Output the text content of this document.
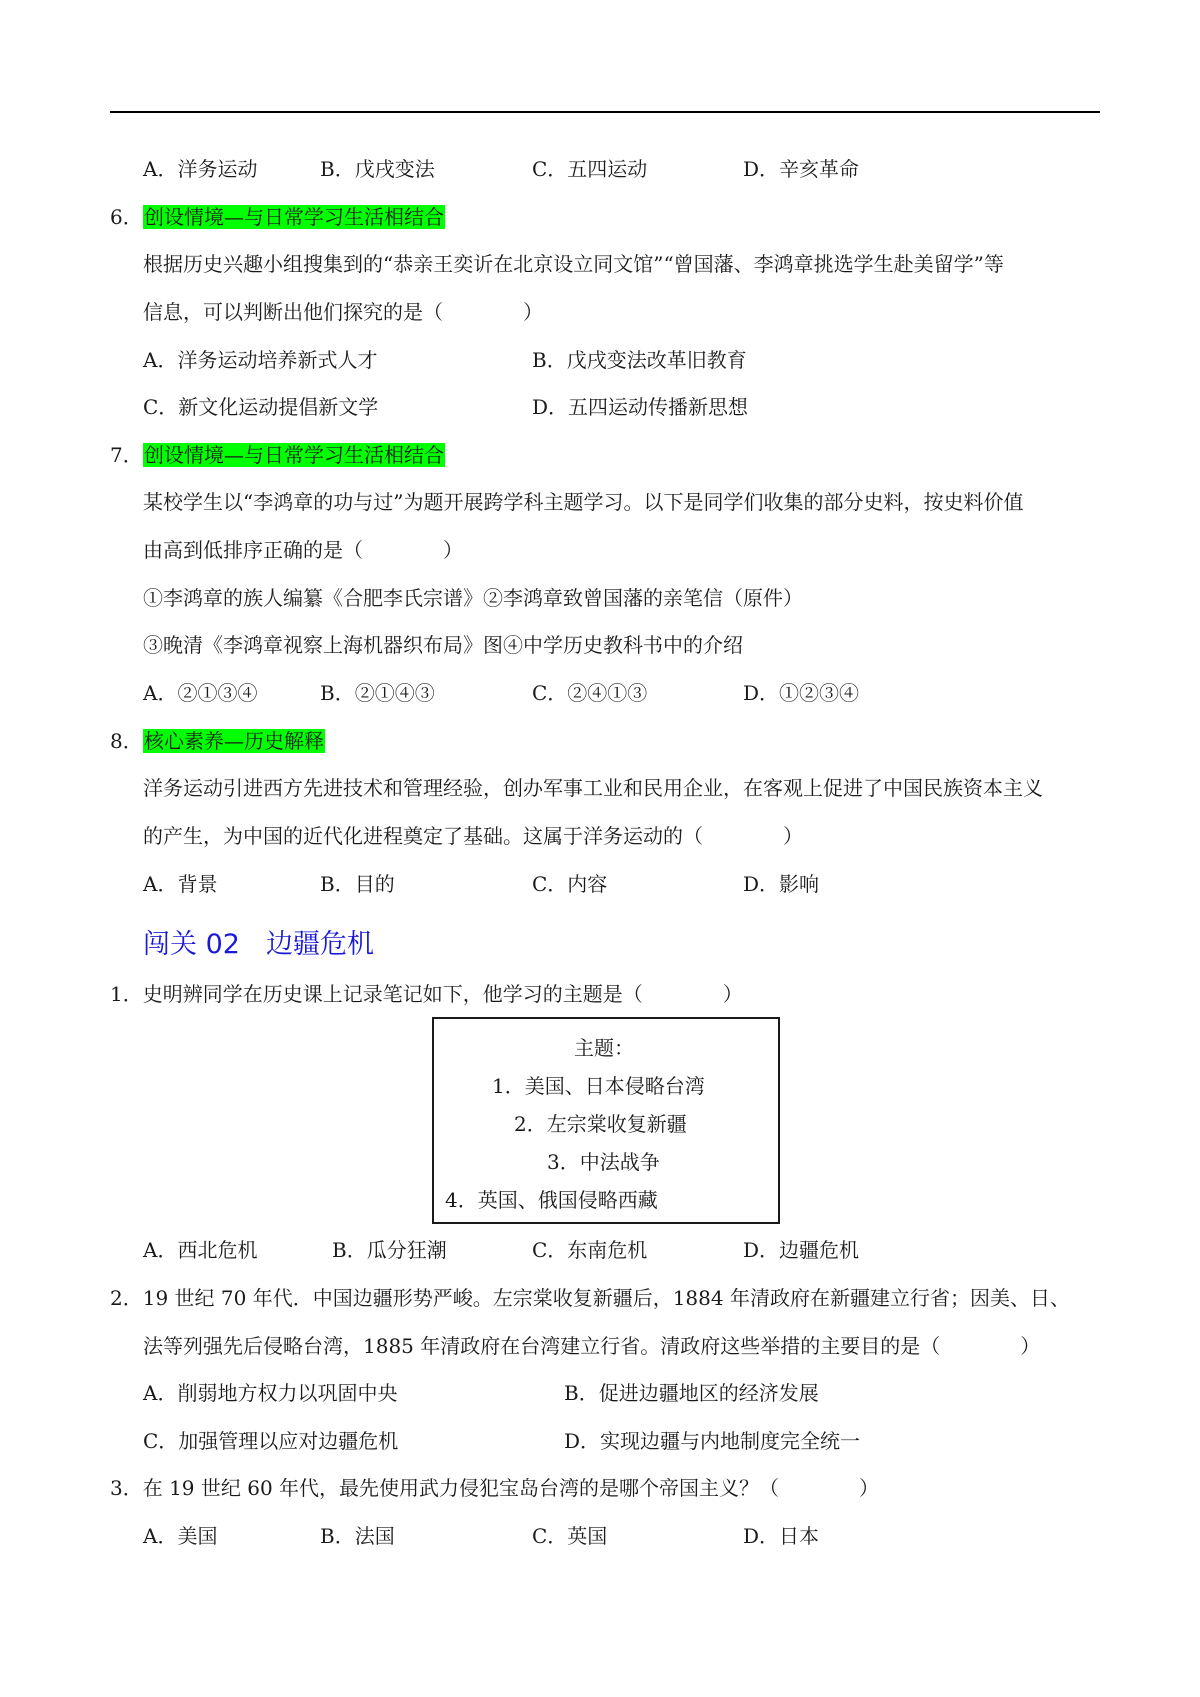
A．洋务运动	B．戊戌变法	C．五四运动	D．辛亥革命
6． 创设情境—与日常学习生活相结合
根据历史兴趣小组搜集到的“恭亲王奕䜣在北京设立同文馆”“曾国藩、李鸿章挑选学生赴美留学”等
信息，可以判断出他们探究的是（　　　　）
A．洋务运动培养新式人才	B．戊戌变法改革旧教育
C．新文化运动提倡新文学	D．五四运动传播新思想
7． 创设情境—与日常学习生活相结合
某校学生以“李鸿章的功与过”为题开展跨学科主题学习。以下是同学们收集的部分史料，按史料价值
由高到低排序正确的是（　　　　）
①李鸿章的族人编纂《合肥李氏宗谱》②李鸿章致曾国藩的亲笔信（原件）
③晚清《李鸿章视察上海机器织布局》图④中学历史教科书中的介绍
A．②①③④	B．②①④③	C．②④①③	D．①②③④
8． 核心素养—历史解释
洋务运动引进西方先进技术和管理经验，创办军事工业和民用企业，在客观上促进了中国民族资本主义
的产生，为中国的近代化进程奠定了基础。这属于洋务运动的（　　　　）
A．背景	B．目的	C．内容	D．影响
闯关 02 边疆危机
1．史明辨同学在历史课上记录笔记如下，他学习的主题是（　　　　）
主题：
1．美国、日本侵略台湾
2．左宗棠收复新疆
3．中法战争
4．英国、俄国侵略西藏
A．西北危机	B．瓜分狂潮	C．东南危机	D．边疆危机
2．19 世纪 70 年代．中国边疆形势严峻。左宗棠收复新疆后，1884 年清政府在新疆建立行省；因美、日、
法等列强先后侵略台湾，1885 年清政府在台湾建立行省。清政府这些举措的主要目的是（　　　　）
A．削弱地方权力以巩固中央	B．促进边疆地区的经济发展
C．加强管理以应对边疆危机	D．实现边疆与内地制度完全统一
3．在 19 世纪 60 年代，最先使用武力侵犯宝岛台湾的是哪个帝国主义？（　　　　）
A．美国	B．法国	C．英国	D．日本
